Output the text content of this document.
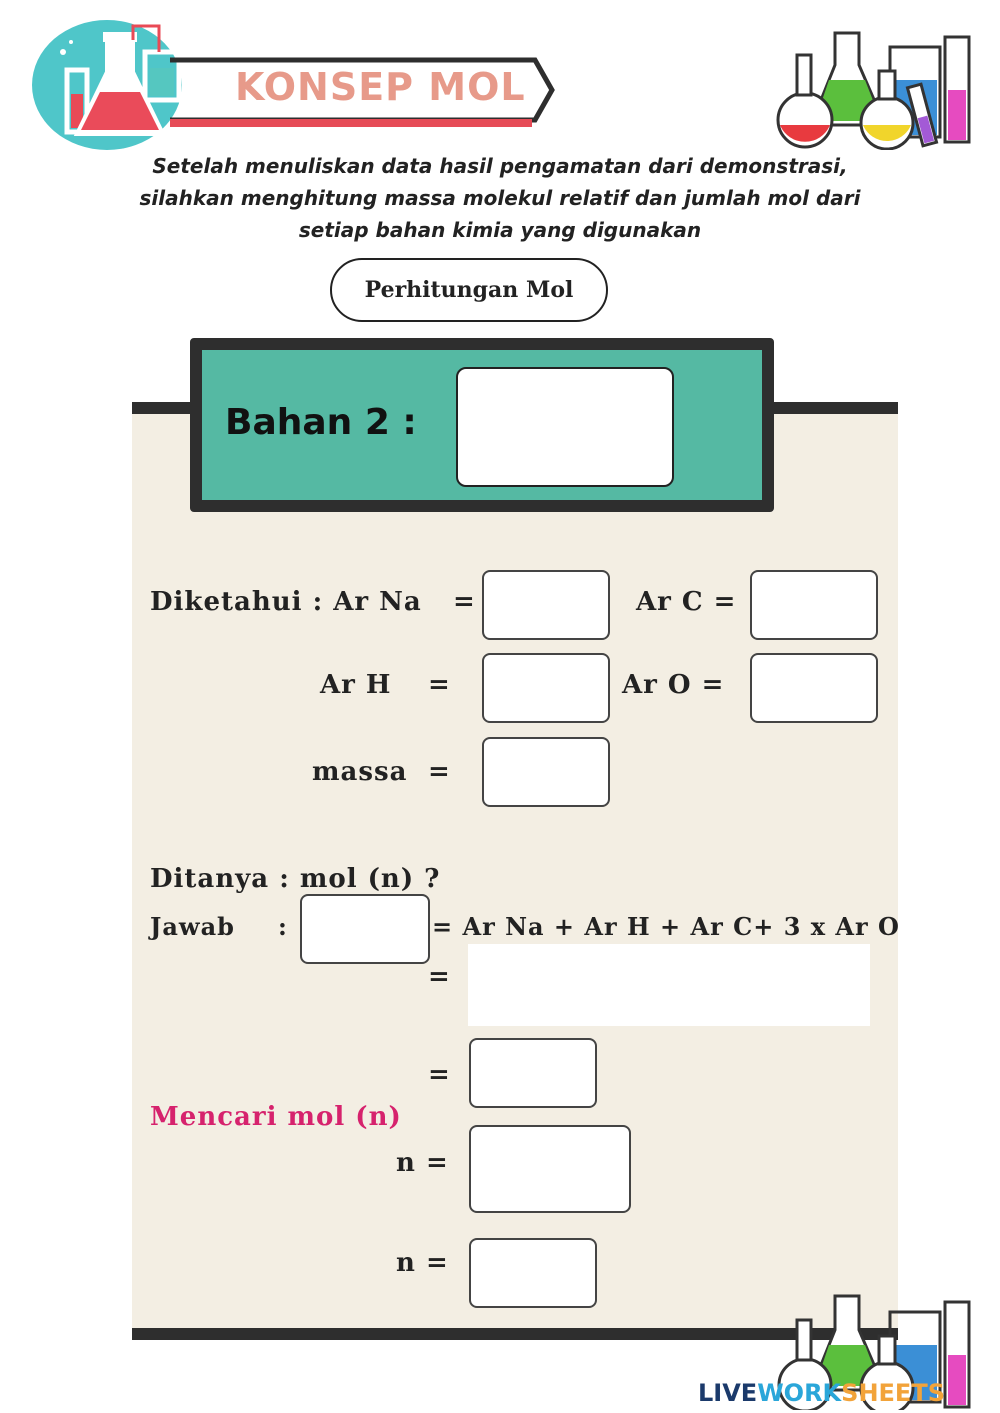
KONSEP MOL
Setelah menuliskan data hasil pengamatan dari demonstrasi,
silahkan menghitung massa molekul relatif dan jumlah mol dari
setiap bahan kimia yang digunakan
Perhitungan Mol
Bahan 2 :
Diketahui : Ar Na =	Ar C =
Ar H =	Ar O =
massa =
Ditanya : mol (n) ?
Jawab :	= Ar Na + Ar H + Ar C+ 3 x Ar O
=
=
Mencari mol (n)
n =
n =
LIVEWORKSHEETS
